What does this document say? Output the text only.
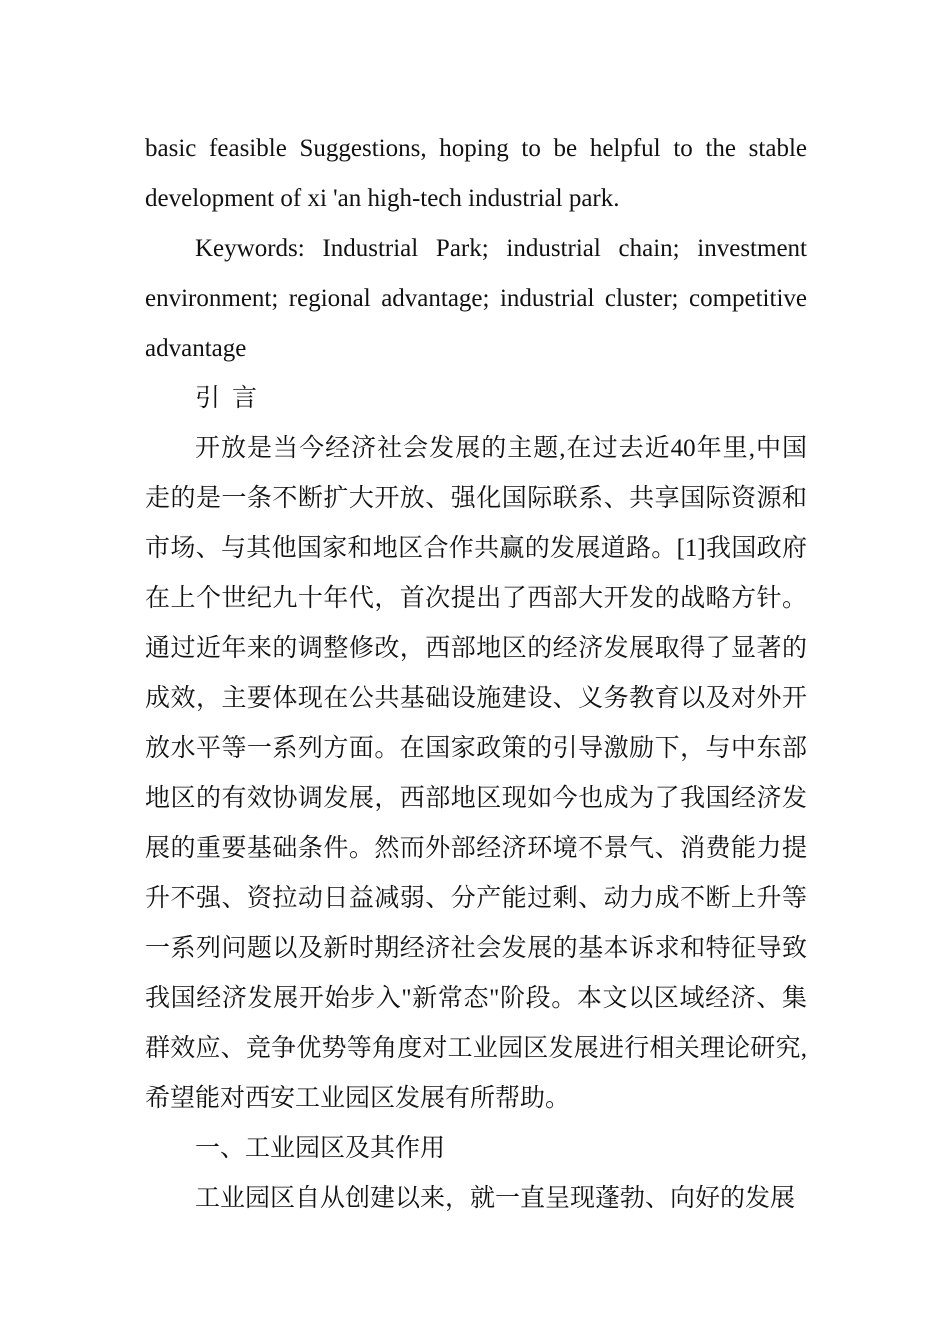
basic feasible Suggestions, hoping to be helpful to the stable development of xi 'an high-tech industrial park.

Keywords: Industrial Park; industrial chain; investment environment; regional advantage; industrial cluster; competitive advantage

引言

开放是当今经济社会发展的主题,在过去近40年里,中国走的是一条不断扩大开放、强化国际联系、共享国际资源和市场、与其他国家和地区合作共赢的发展道路。[1]我国政府在上个世纪九十年代，首次提出了西部大开发的战略方针。通过近年来的调整修改，西部地区的经济发展取得了显著的成效，主要体现在公共基础设施建设、义务教育以及对外开放水平等一系列方面。在国家政策的引导激励下，与中东部地区的有效协调发展，西部地区现如今也成为了我国经济发展的重要基础条件。然而外部经济环境不景气、消费能力提升不强、资拉动日益减弱、分产能过剩、动力成不断上升等一系列问题以及新时期经济社会发展的基本诉求和特征导致我国经济发展开始步入"新常态"阶段。本文以区域经济、集群效应、竞争优势等角度对工业园区发展进行相关理论研究,希望能对西安工业园区发展有所帮助。

一、工业园区及其作用

工业园区自从创建以来，就一直呈现蓬勃、向好的发展
